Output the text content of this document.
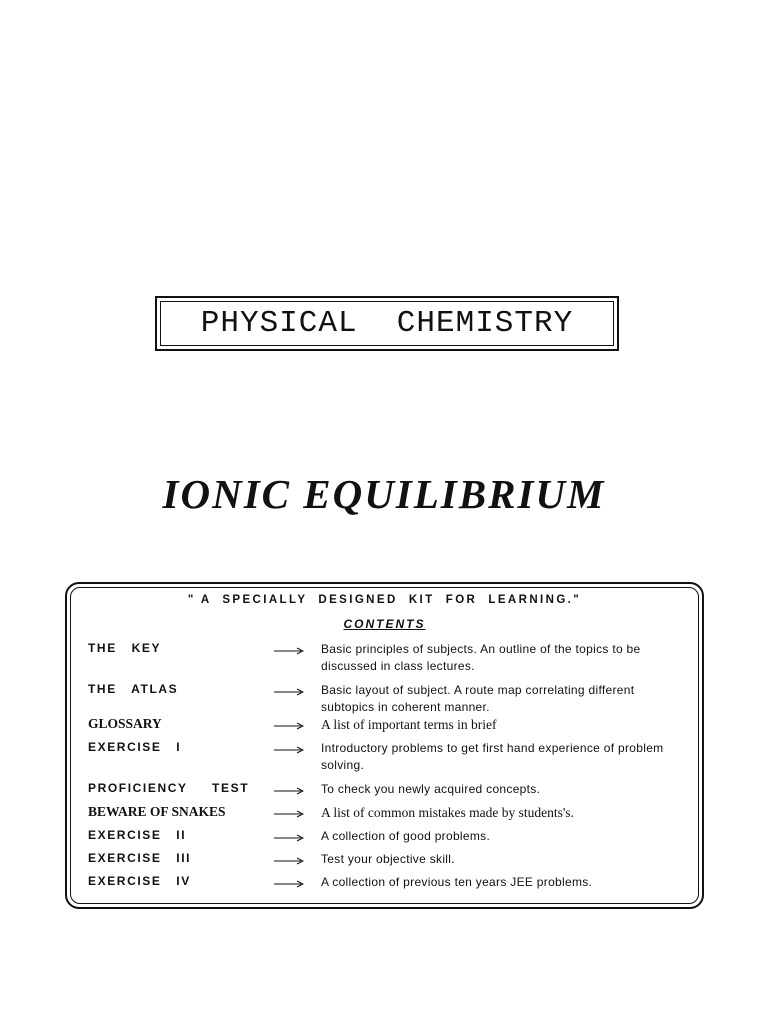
PHYSICAL  CHEMISTRY
IONIC EQUILIBRIUM
" A  SPECIALLY  DESIGNED  KIT  FOR  LEARNING."
CONTENTS
THE   KEY	Basic principles of subjects. An outline of the topics to be discussed in class lectures.
THE   ATLAS	Basic layout of subject. A route map correlating different subtopics in coherent manner.
GLOSSARY	A list of important terms in brief
EXERCISE   I	Introductory problems to get first hand experience of problem solving.
PROFICIENCY     TEST	To check you newly acquired concepts.
BEWARE OF SNAKES	A list of common mistakes made by students's.
EXERCISE   II	A collection of good problems.
EXERCISE   III	Test your objective skill.
EXERCISE   IV	A collection of previous ten years JEE problems.
